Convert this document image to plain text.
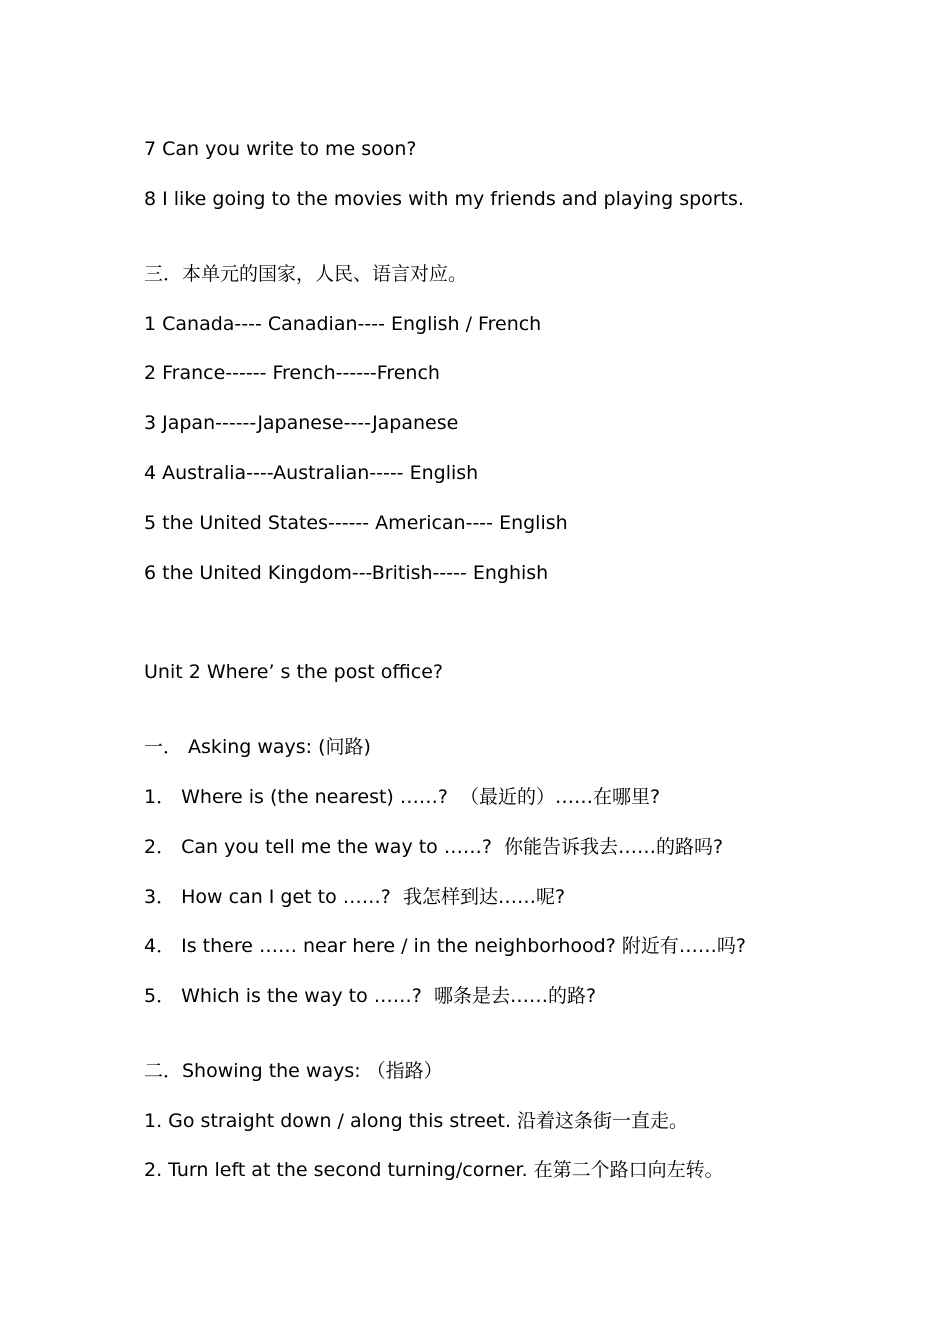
7 Can you write to me soon?

8 I like going to the movies with my friends and playing sports.

三．本单元的国家，人民、语言对应。

1 Canada---- Canadian---- English / French

2 France------ French------French

3 Japan------Japanese----Japanese

4 Australia----Australian----- English

5 the United States------ American---- English

6 the United Kingdom---British----- Enghish

Unit 2 Where’ s the post office?

一． Asking ways: (问路)

1． Where is (the nearest) ……?  （最近的）……在哪里?

2． Can you tell me the way to ……?  你能告诉我去……的路吗?

3． How can I get to ……?  我怎样到达……呢?

4． Is there …… near here / in the neighborhood? 附近有……吗?

5． Which is the way to ……?  哪条是去……的路?

二．Showing the ways: （指路）

1. Go straight down / along this street. 沿着这条街一直走。

2. Turn left at the second turning/corner. 在第二个路口向左转。
